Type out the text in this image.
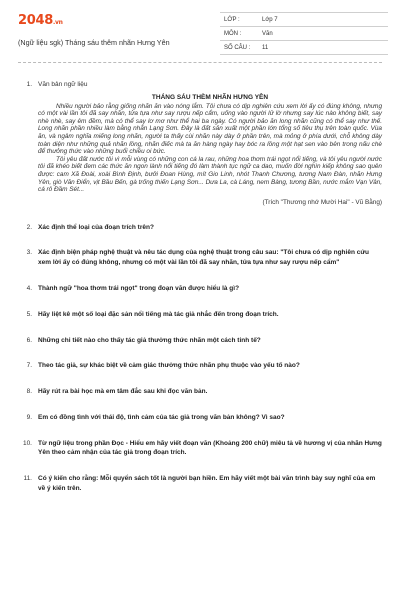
2048.vn
(Ngữ liệu sgk) Tháng sáu thêm nhãn Hưng Yên
LỚP :	Lớp 7
MÔN :	Văn
SỐ CÂU :	11
1. Văn bản ngữ liệu
THÁNG SÁU THÈM NHÃN HƯNG YÊN

Nhiều người bảo rằng giống nhãn ăn vào nóng lắm. Tôi chưa có dịp nghiên cứu xem lời ấy có đúng không, nhưng có một vài lần tôi đã say nhãn, tửa tựa như say rượu nếp cẩm, uống vào người lử lờ nhưng say lúc nào không biết, say nhè nhè, say êm đềm, mà có thể say lơ mơ như thể hai ba ngày. Có người bảo ăn long nhãn cũng có thể say như thế. Long nhãn phần nhiều làm bằng nhãn Lạng Sơn. Đây là đất sản xuất một phần lớn tổng số tiêu thụ trên toàn quốc. Vùa ăn, và ngâm nghĩa miếng long nhãn, người ta thấy cùi nhãn này dày ở phần trên, mà mỏng ở phía dưới, chỗ không dày toàn diện như những quả nhãn lồng, nhãn điếc mà ta ăn hàng ngày hay bóc ra lồng một hạt sen vào bên trong nấu chè để thưởng thức vào những buổi chiều oi bức.

Tôi yêu đất nước tôi vì mỗi vùng có những con cá la rau, những hoa thơm trái ngọt nổi tiếng, và tôi yêu người nước tôi đã khéo biết đem các thức ăn ngon lành nổi tiếng đó làm thành tục ngữ ca dao, muốn đời nghìn kiếp không sao quên được: cam Xã Đoài, xoài Bình Định, bưởi Đoan Hùng, mít Gio Linh, nhót Thanh Chương, tương Nam Đàn, nhãn Hưng Yên, giò Văn Điển, vịt Bầu Bến, gà trống thiến Lạng Sơn... Dưa La, cà Láng, nem Bàng, tương Bần, nước mắm Vạn Vân, cá rô Đầm Sét...

(Trích "Thương nhớ Mười Hai" - Vũ Bằng)
2. Xác định thể loại của đoạn trích trên?
3. Xác định biện pháp nghệ thuật và nêu tác dụng của nghệ thuật trong câu sau: "Tôi chưa có dịp nghiên cứu xem lời ấy có đúng không, nhưng có một vài lần tôi đã say nhãn, tửa tựa như say rượu nếp cẩm"
4. Thành ngữ "hoa thơm trái ngọt" trong đoạn văn được hiểu là gì?
5. Hãy liệt kê một số loại đặc sản nổi tiếng mà tác giả nhắc đến trong đoạn trích.
6. Những chi tiết nào cho thấy tác giả thưởng thức nhãn một cách tinh tế?
7. Theo tác giả, sự khác biệt về cảm giác thưởng thức nhãn phụ thuộc vào yếu tố nào?
8. Hãy rút ra bài học mà em tâm đắc sau khi đọc văn bản.
9. Em có đồng tình với thái độ, tình cảm của tác giả trong văn bản không? Vì sao?
10. Từ ngữ liệu trong phần Đọc - Hiểu em hãy viết đoạn văn (Khoảng 200 chữ) miêu tả về hương vị của nhãn Hưng Yên theo cảm nhận của tác giả trong đoạn trích.
11. Có ý kiến cho rằng: Mỗi quyển sách tốt là người bạn hiền. Em hãy viết một bài văn trình bày suy nghĩ của em về ý kiến trên.
